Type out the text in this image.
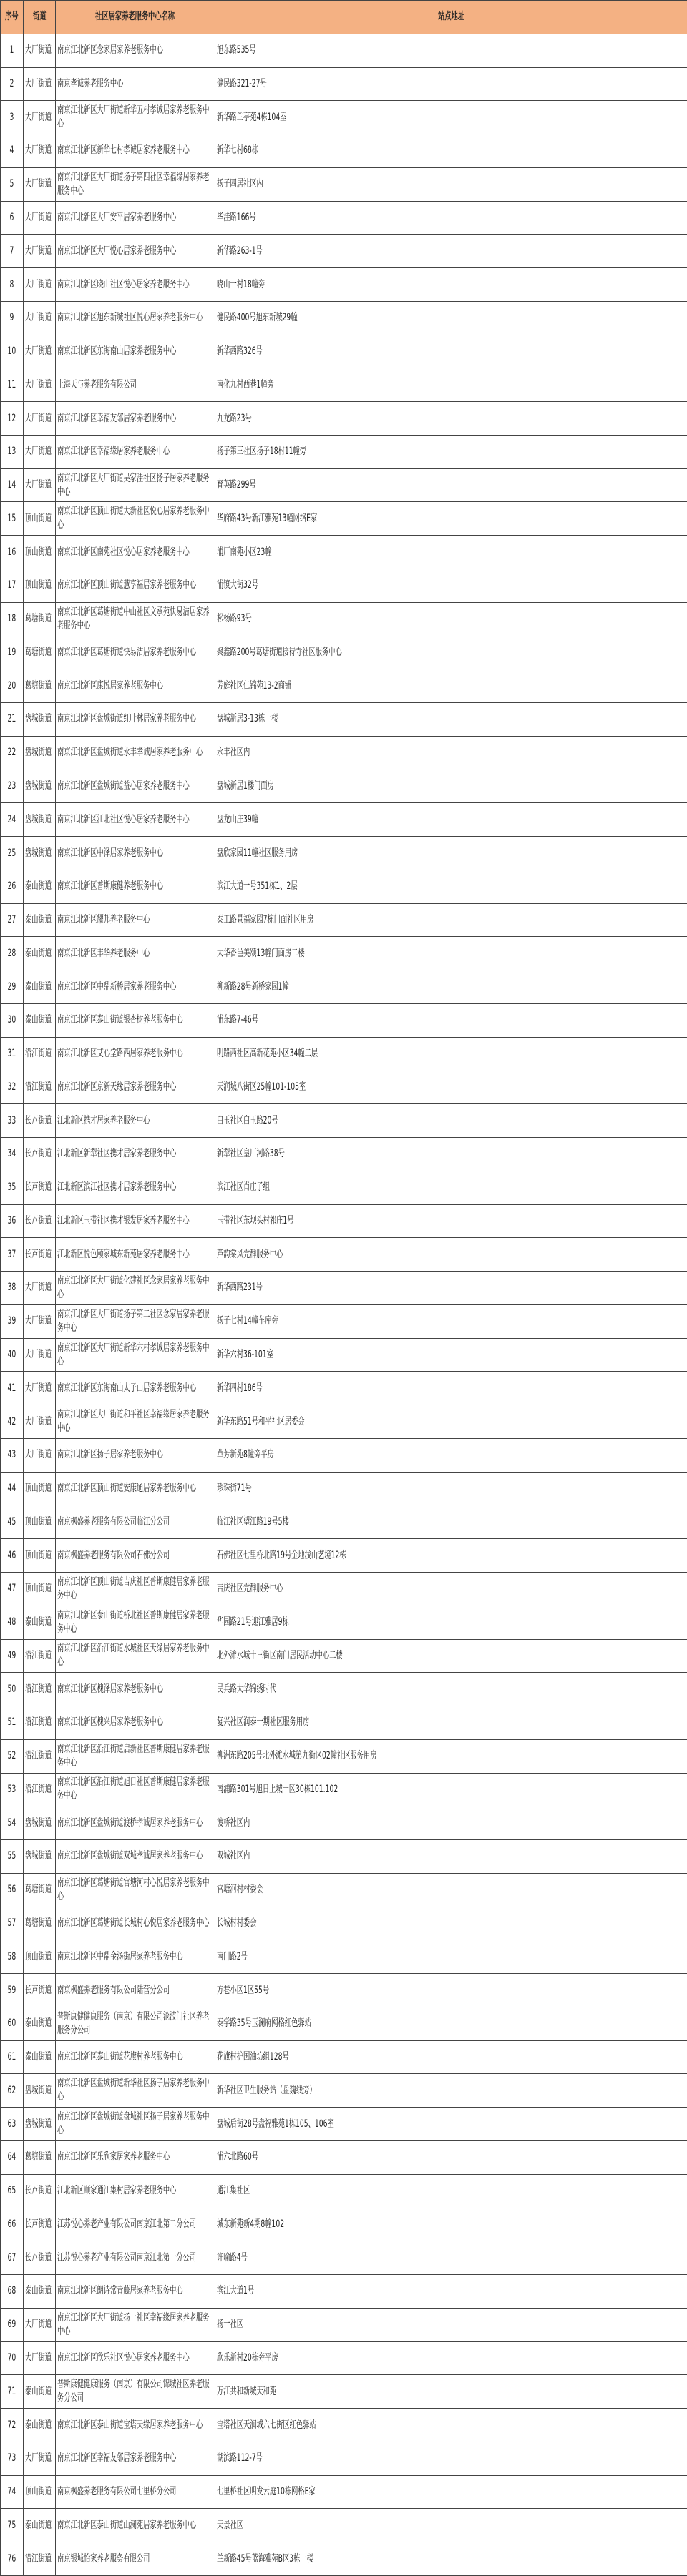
序号	街道	社区居家养老服务中心名称	站点地址

1	大厂街道	南京江北新区念家居家养老服务中心	旭东路535号

2	大厂街道	南京孝诚养老服务中心	健民路321-27号

3	大厂街道	南京江北新区大厂街道新华五村孝诚居家养老服务中心	新华路兰亭苑4栋104室

4	大厂街道	南京江北新区新华七村孝诚居家养老服务中心	新华七村68栋

5	大厂街道	南京江北新区大厂街道扬子第四社区幸福缘居家养老服务中心	扬子四居社区内

6	大厂街道	南京江北新区大厂安平居家养老服务中心	毕洼路166号

7	大厂街道	南京江北新区大厂悦心居家养老服务中心	新华路263-1号

8	大厂街道	南京江北新区晓山社区悦心居家养老服务中心	晓山一村18幢旁

9	大厂街道	南京江北新区旭东新城社区悦心居家养老服务中心	健民路400号旭东新城29幢

10	大厂街道	南京江北新区东海南山居家养老服务中心	新华西路326号

11	大厂街道	上海天与养老服务有限公司	南化九村西巷1幢旁

12	大厂街道	南京江北新区幸福友邻居家养老服务中心	九龙路23号

13	大厂街道	南京江北新区幸福缘居家养老服务中心	扬子第三社区扬子18村11幢旁

14	大厂街道	南京江北新区大厂街道吴家洼社区扬子居家养老服务中心	育英路299号

15	顶山街道	南京江北新区顶山街道大新社区悦心居家养老服务中心	华府路43号新江雅苑13幢网络E家

16	顶山街道	南京江北新区南苑社区悦心居家养老服务中心	浦厂南苑小区23幢

17	顶山街道	南京江北新区顶山街道慧享福居家养老服务中心	浦镇大街32号

18	葛塘街道	南京江北新区葛塘街道中山社区文承苑快易洁居家养老服务中心	松杨路93号

19	葛塘街道	南京江北新区葛塘街道快易洁居家养老服务中心	聚鑫路200号葛塘街道接待寺社区服务中心

20	葛塘街道	南京江北新区康悦居家养老服务中心	芳庭社区仁锦苑13-2商铺

21	盘城街道	南京江北新区盘城街道红叶林居家养老服务中心	盘城新居3-13栋一楼

22	盘城街道	南京江北新区盘城街道永丰孝诚居家养老服务中心	永丰社区内

23	盘城街道	南京江北新区盘城街道益心居家养老服务中心	盘城新居1楼门面房

24	盘城街道	南京江北新区江北社区悦心居家养老服务中心	盘龙山庄39幢

25	盘城街道	南京江北新区中泽居家养老服务中心	盘欣家园11幢社区服务用房

26	泰山街道	南京江北新区普斯康健养老服务中心	滨江大道一号351栋1、2层

27	泰山街道	南京江北新区耀邦养老服务中心	泰工路景福家园7栋门面社区用房

28	泰山街道	南京江北新区丰华养老服务中心	大华香邑美颂13幢门面房二楼

29	泰山街道	南京江北新区中鼎新桥居家养老服务中心	柳新路28号新桥家园1幢

30	泰山街道	南京江北新区泰山街道银杏树养老服务中心	浦东路7-46号

31	沿江街道	南京江北新区艾心堂路西居家养老服务中心	明路西社区高新花苑小区34幢二层

32	沿江街道	南京江北新区京新天缘居家养老服务中心	天润城八街区25幢101-105室

33	长芦街道	江北新区携才居家养老服务中心	白玉社区白玉路20号

34	长芦街道	江北新区新犁社区携才居家养老服务中心	新犁社区皇厂河路38号

35	长芦街道	江北新区滨江社区携才居家养老服务中心	滨江社区肖庄子组

36	长芦街道	江北新区玉带社区携才银发居家养老服务中心	玉带社区东坝头村祁庄1号

37	长芦街道	江北新区悦色颐家城东新苑居家养老服务中心	芦韵棠风党群服务中心

38	大厂街道	南京江北新区大厂街道化建社区念家居家养老服务中心	新华西路231号

39	大厂街道	南京江北新区大厂街道扬子第二社区念家居家养老服务中心	扬子七村14幢车库旁

40	大厂街道	南京江北新区大厂街道新华六村孝诚居家养老服务中心	新华六村36-101室

41	大厂街道	南京江北新区东海南山太子山居家养老服务中心	新华四村186号

42	大厂街道	南京江北新区大厂街道和平社区幸福缘居家养老服务中心	新华东路51号和平社区居委会

43	大厂街道	南京江北新区扬子居家养老服务中心	草芳新苑8幢旁平房

44	顶山街道	南京江北新区顶山街道安康通居家养老服务中心	珍珠街71号

45	顶山街道	南京枫盛养老服务有限公司临江分公司	临江社区望江路19号5楼

46	顶山街道	南京枫盛养老服务有限公司石佛分公司	石佛社区七里桥北路19号金地浅山艺境12栋

47	顶山街道	南京江北新区顶山街道吉庆社区普斯康健居家养老服务中心	吉庆社区党群服务中心

48	泰山街道	南京江北新区泰山街道桥北社区普斯康健居家养老服务中心	华园路21号迎江雅居9栋

49	沿江街道	南京江北新区沿江街道水城社区天缘居家养老服务中心	北外滩水城十三街区南门居民活动中心二楼

50	沿江街道	南京江北新区槐泽居家养老服务中心	民兵路大华锦绣时代

51	沿江街道	南京江北新区槐兴居家养老服务中心	复兴社区润泰一期社区服务用房

52	沿江街道	南京江北新区沿江街道启新社区普斯康健居家养老服务中心	柳洲东路205号北外滩水城第九街区02幢社区服务用房

53	沿江街道	南京江北新区沿江街道旭日社区普斯康健居家养老服务中心	南浦路301号旭日上城一区30栋101.102

54	盘城街道	南京江北新区盘城街道渡桥孝诚居家养老服务中心	渡桥社区内

55	盘城街道	南京江北新区盘城街道双城孝诚居家养老服务中心	双城社区内

56	葛塘街道	南京江北新区葛塘街道官塘河村心悦居家养老服务中心	官塘河村村委会

57	葛塘街道	南京江北新区葛塘街道长城村心悦居家养老服务中心	长城村村委会

58	顶山街道	南京江北新区中鼎金汤街居家养老服务中心	南门路2号

59	长芦街道	南京枫盛养老服务有限公司陆营分公司	方巷小区1区55号

60	泰山街道	普斯康健健康服务（南京）有限公司沧波门社区养老服务分公司	泰学路35号玉澜府网格红色驿站

61	泰山街道	南京江北新区泰山街道花旗村养老服务中心	花旗村护国油坊组128号

62	盘城街道	南京江北新区盘城街道新华社区扬子居家养老服务中心	新华社区卫生服务站（盘魏线旁）

63	盘城街道	南京江北新区盘城街道盘城社区扬子居家养老服务中心	盘城后街28号盘福雅苑1栋105、106室

64	葛塘街道	南京江北新区乐欣家居家养老服务中心	浦六北路60号

65	长芦街道	江北新区颐家通江集村居家养老服务中心	通江集社区

66	长芦街道	江苏悦心养老产业有限公司南京江北第二分公司	城东新苑新4期8幢102

67	长芦街道	江苏悦心养老产业有限公司南京江北第一分公司	许喻路4号

68	泰山街道	南京江北新区朗诗常青藤居家养老服务中心	滨江大道1号

69	大厂街道	南京江北新区大厂街道扬一社区幸福缘居家养老服务中心	扬一社区

70	大厂街道	南京江北新区欣乐社区悦心居家养老服务中心	欣乐新村20栋旁平房

71	泰山街道	普斯康健健康服务（南京）有限公司锦城社区养老服务分公司	万江共和新城天和苑

72	泰山街道	南京江北新区泰山街道宝塔天缘居家养老服务中心	宝塔社区天润城六七街区红色驿站

73	大厂街道	南京江北新区幸福友邻居家养老服务中心	湖滨路112-7号

74	顶山街道	南京枫盛养老服务有限公司七里桥分公司	七里桥社区明发云庭10栋网格E家

75	泰山街道	南京江北新区泰山街道山澜苑居家养老服务中心	天景社区

76	沿江街道	南京银城怡家养老服务有限公司	兰新路45号蓝海雅苑B区3栋一楼
